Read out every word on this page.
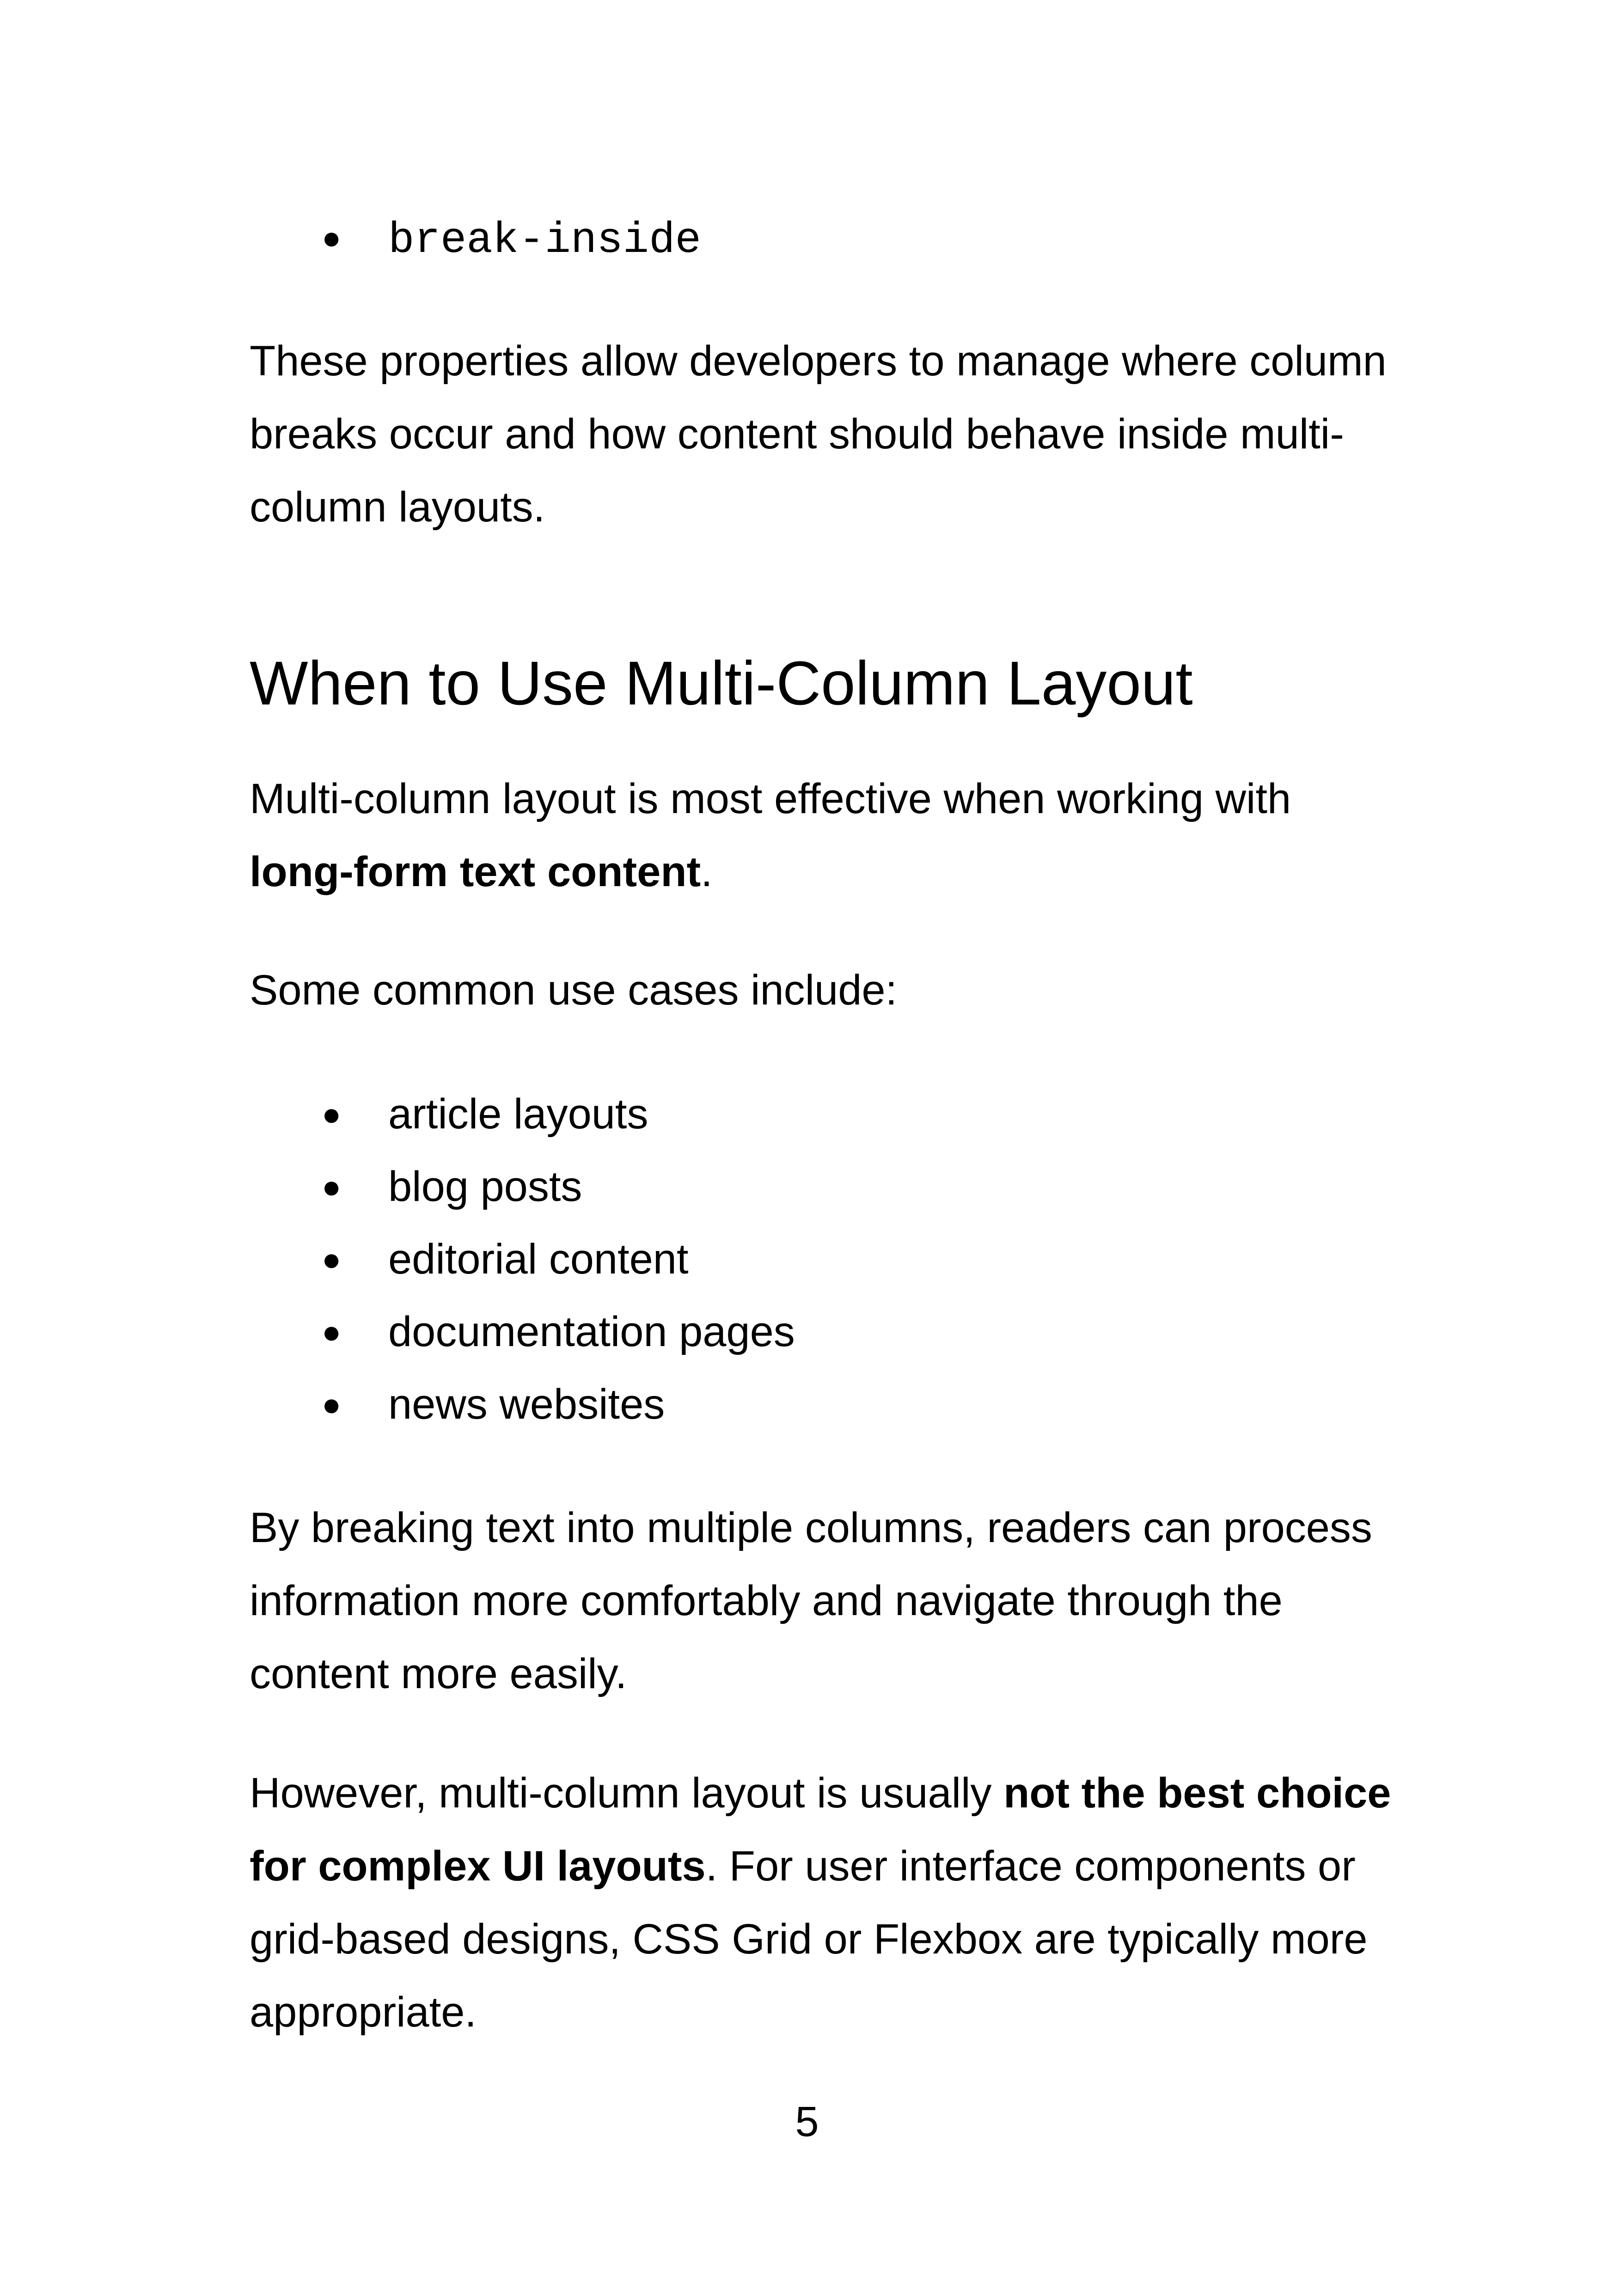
● break-inside

These properties allow developers to manage where column breaks occur and how content should behave inside multi-column layouts.

When to Use Multi-Column Layout

Multi-column layout is most effective when working with long-form text content.

Some common use cases include:

● article layouts
● blog posts
● editorial content
● documentation pages
● news websites

By breaking text into multiple columns, readers can process information more comfortably and navigate through the content more easily.

However, multi-column layout is usually not the best choice for complex UI layouts. For user interface components or grid-based designs, CSS Grid or Flexbox are typically more appropriate.

5
